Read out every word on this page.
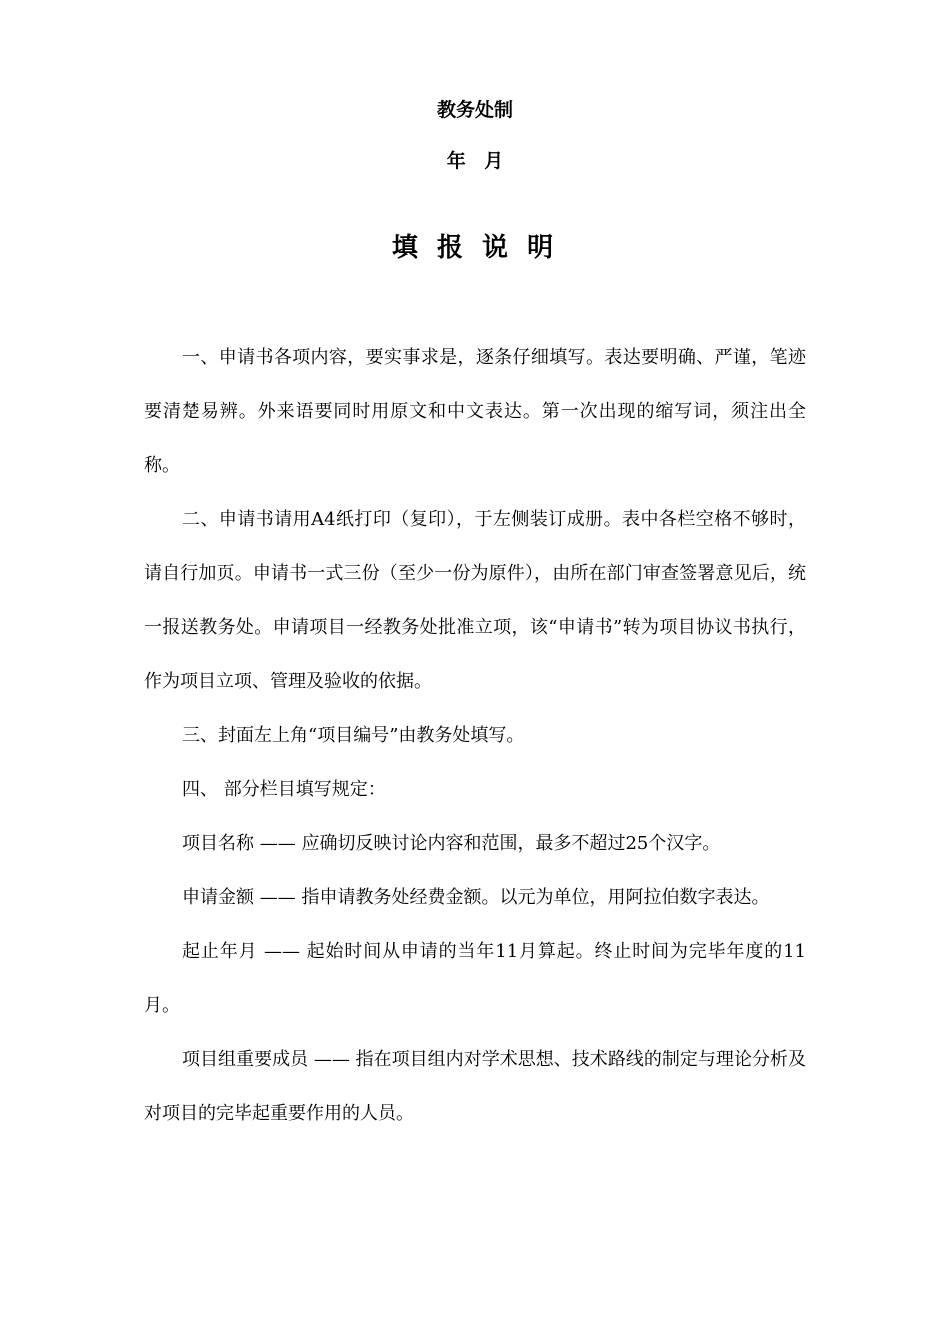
教务处制
年 月
填 报 说 明

一、申请书各项内容，要实事求是，逐条仔细填写。表达要明确、严谨，笔迹要清楚易辨。外来语要同时用原文和中文表达。第一次出现的缩写词，须注出全称。

二、申请书请用A4纸打印（复印），于左侧装订成册。表中各栏空格不够时，请自行加页。申请书一式三份（至少一份为原件），由所在部门审查签署意见后，统一报送教务处。申请项目一经教务处批准立项，该“申请书”转为项目协议书执行，作为项目立项、管理及验收的依据。

三、封面左上角“项目编号”由教务处填写。

四、 部分栏目填写规定：

项目名称 —— 应确切反映讨论内容和范围，最多不超过25个汉字。

申请金额 —— 指申请教务处经费金额。以元为单位，用阿拉伯数字表达。

起止年月 —— 起始时间从申请的当年11月算起。终止时间为完毕年度的11月。

项目组重要成员 —— 指在项目组内对学术思想、技术路线的制定与理论分析及对项目的完毕起重要作用的人员。
